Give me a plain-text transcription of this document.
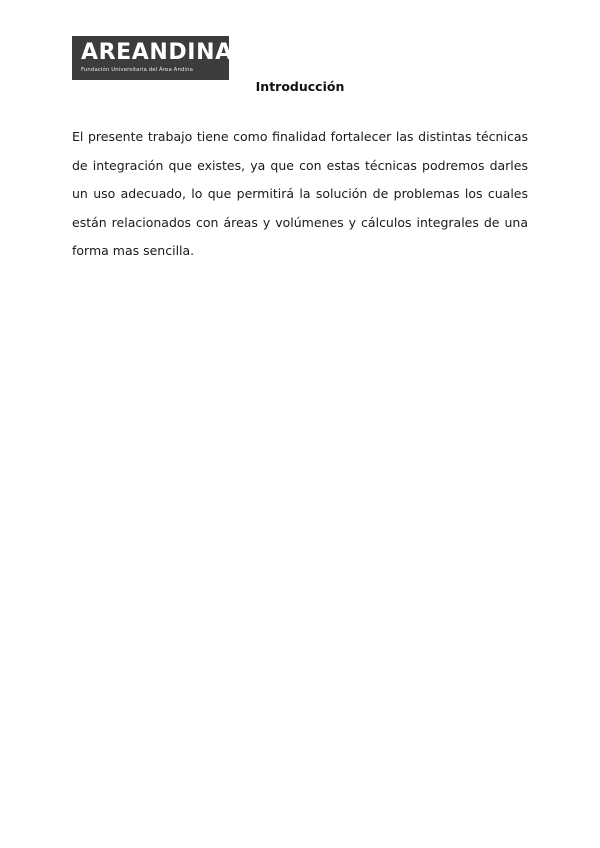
AREANDINA
Fundación Universitaria del Área Andina
Introducción

El presente trabajo tiene como finalidad fortalecer las distintas técnicas de integración que existes, ya que con estas técnicas podremos darles un uso adecuado, lo que permitirá la solución de problemas los cuales están relacionados con áreas y volúmenes y cálculos integrales de una forma mas sencilla.
